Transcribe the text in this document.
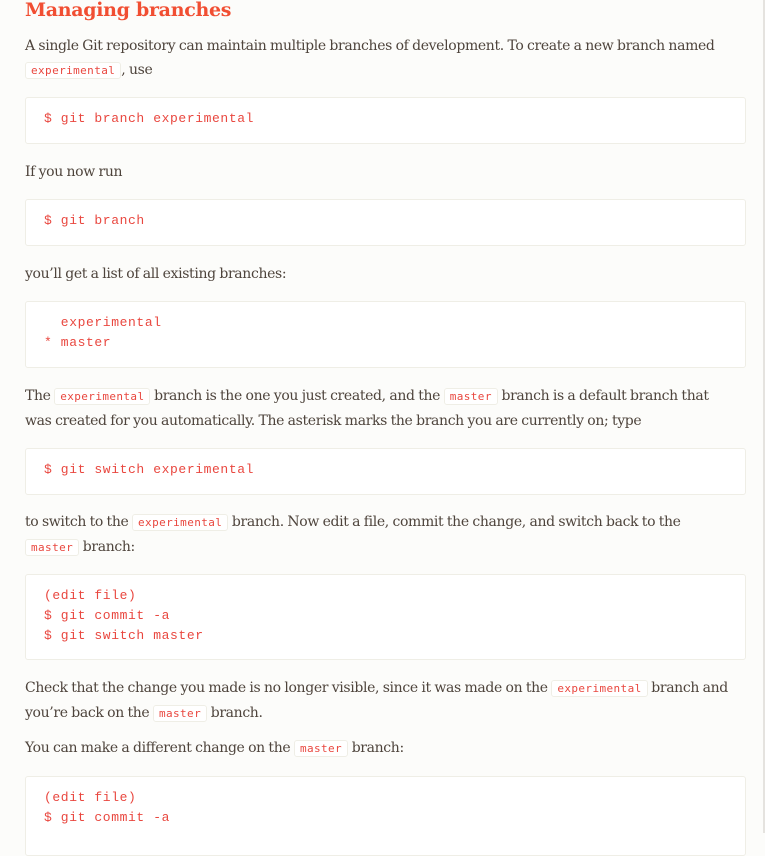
Managing branches

A single Git repository can maintain multiple branches of development. To create a new branch named experimental , use

$ git branch experimental

If you now run

$ git branch

you’ll get a list of all existing branches:

experimental
* master

The experimental branch is the one you just created, and the master branch is a default branch that was created for you automatically. The asterisk marks the branch you are currently on; type

$ git switch experimental

to switch to the experimental branch. Now edit a file, commit the change, and switch back to the master branch:

(edit file)
$ git commit -a
$ git switch master

Check that the change you made is no longer visible, since it was made on the experimental branch and you’re back on the master branch.

You can make a different change on the master branch:

(edit file)
$ git commit -a
